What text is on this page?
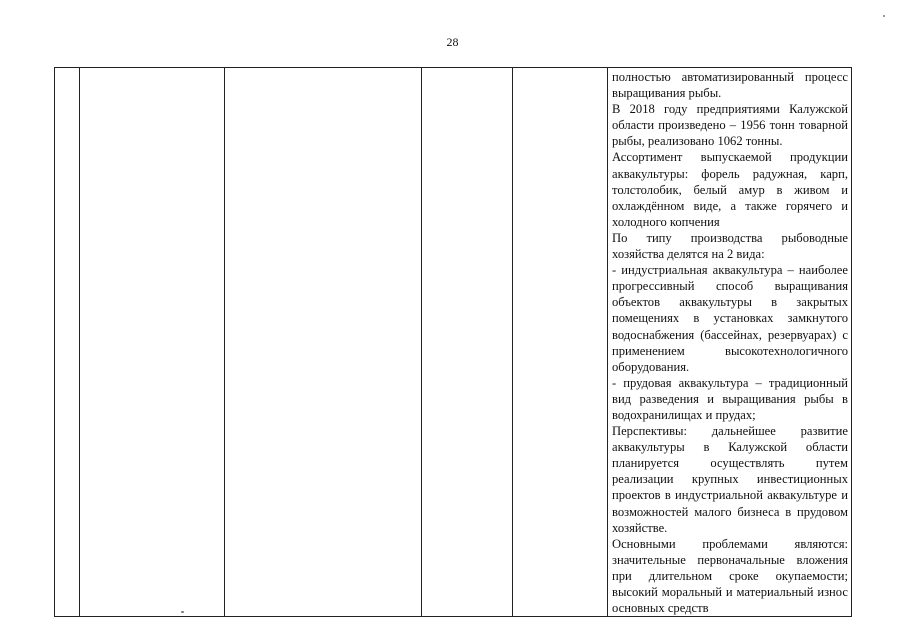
28

полностью автоматизированный процесс выращивания рыбы.

В 2018 году предприятиями Калужской области произведено – 1956 тонн товарной рыбы, реализовано 1062 тонны.

Ассортимент выпускаемой продукции аквакультуры: форель радужная, карп, толстолобик, белый амур в живом и охлаждённом виде, а также горячего и холодного копчения

По типу производства рыбоводные хозяйства делятся на 2 вида:

- индустриальная аквакультура – наиболее прогрессивный способ выращивания объектов аквакультуры в закрытых помещениях в установках замкнутого водоснабжения (бассейнах, резервуарах) с применением высокотехнологичного оборудования.

- прудовая аквакультура – традиционный вид разведения и выращивания рыбы в водохранилищах и прудах;

Перспективы: дальнейшее развитие аквакультуры в Калужской области планируется осуществлять путем реализации крупных инвестиционных проектов в индустриальной аквакультуре и возможностей малого бизнеса в прудовом хозяйстве.

Основными проблемами являются: значительные первоначальные вложения при длительном сроке окупаемости; высокий моральный и материальный износ основных средств
